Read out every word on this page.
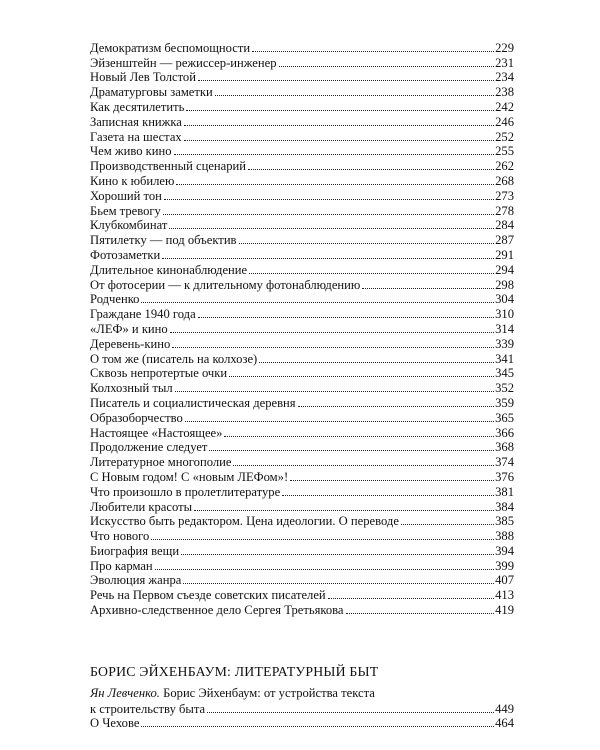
Демократизм беспомощности	229
Эйзенштейн — режиссер-инженер	231
Новый Лев Толстой	234
Драматурговы заметки	238
Как десятилетить	242
Записная книжка	246
Газета на шестах	252
Чем живо кино	255
Производственный сценарий	262
Кино к юбилею	268
Хороший тон	273
Бьем тревогу	278
Клубкомбинат	284
Пятилетку — под объектив	287
Фотозаметки	291
Длительное кинонаблюдение	294
От фотосерии — к длительному фотонаблюдению	298
Родченко	304
Граждане 1940 года	310
«ЛЕФ» и кино	314
Деревень-кино	339
О том же (писатель на колхозе)	341
Сквозь непротертые очки	345
Колхозный тыл	352
Писатель и социалистическая деревня	359
Образоборчество	365
Настоящее «Настоящее»	366
Продолжение следует	368
Литературное многополие	374
С Новым годом! С «новым ЛЕФом»!	376
Что произошло в пролетлитературе	381
Любители красоты	384
Искусство быть редактором. Цена идеологии. О переводе	385
Что нового	388
Биография вещи	394
Про карман	399
Эволюция жанра	407
Речь на Первом съезде советских писателей	413
Архивно-следственное дело Сергея Третьякова	419
БОРИС ЭЙХЕНБАУМ: ЛИТЕРАТУРНЫЙ БЫТ
Ян Левченко. Борис Эйхенбаум: от устройства текста
к строительству быта	449
О Чехове	464
